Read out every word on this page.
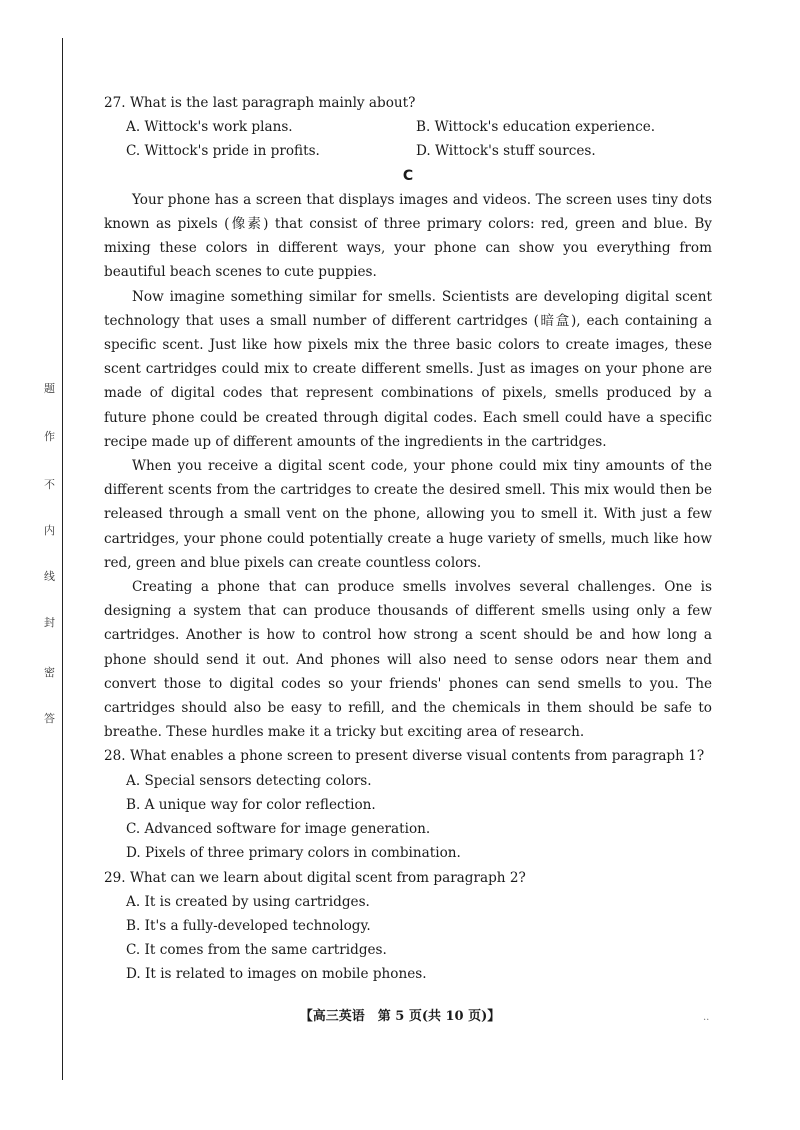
题
作
不
内
线
封
密
答

27. What is the last paragraph mainly about?

A. Wittock's work plans.	B. Wittock's education experience.

C. Wittock's pride in profits.	D. Wittock's stuff sources.

C

Your phone has a screen that displays images and videos. The screen uses tiny dots known as pixels (像素) that consist of three primary colors: red, green and blue. By mixing these colors in different ways, your phone can show you everything from beautiful beach scenes to cute puppies.

Now imagine something similar for smells. Scientists are developing digital scent technology that uses a small number of different cartridges (暗盒), each containing a specific scent. Just like how pixels mix the three basic colors to create images, these scent cartridges could mix to create different smells. Just as images on your phone are made of digital codes that represent combinations of pixels, smells produced by a future phone could be created through digital codes. Each smell could have a specific recipe made up of different amounts of the ingredients in the cartridges.

When you receive a digital scent code, your phone could mix tiny amounts of the different scents from the cartridges to create the desired smell. This mix would then be released through a small vent on the phone, allowing you to smell it. With just a few cartridges, your phone could potentially create a huge variety of smells, much like how red, green and blue pixels can create countless colors.

Creating a phone that can produce smells involves several challenges. One is designing a system that can produce thousands of different smells using only a few cartridges. Another is how to control how strong a scent should be and how long a phone should send it out. And phones will also need to sense odors near them and convert those to digital codes so your friends' phones can send smells to you. The cartridges should also be easy to refill, and the chemicals in them should be safe to breathe. These hurdles make it a tricky but exciting area of research.

28. What enables a phone screen to present diverse visual contents from paragraph 1?

A. Special sensors detecting colors.

B. A unique way for color reflection.

C. Advanced software for image generation.

D. Pixels of three primary colors in combination.

29. What can we learn about digital scent from paragraph 2?

A. It is created by using cartridges.

B. It's a fully-developed technology.

C. It comes from the same cartridges.

D. It is related to images on mobile phones.

【高三英语　第 5 页(共 10 页)】	..
